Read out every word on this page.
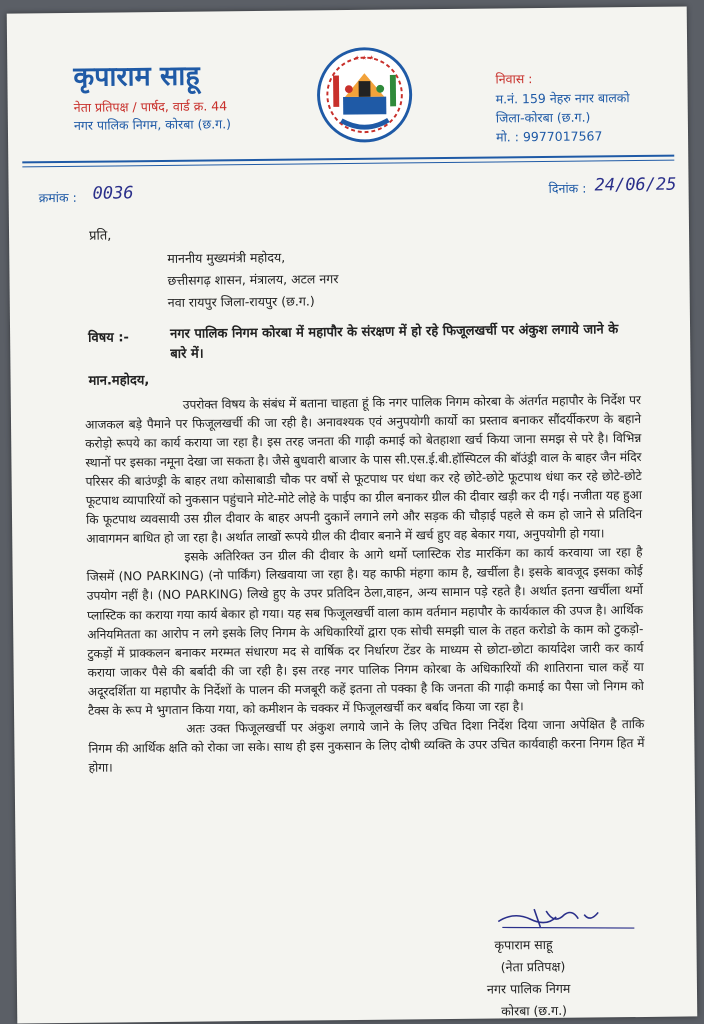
कृपाराम साहू
नेता प्रतिपक्ष / पार्षद, वार्ड क्र. 44
नगर पालिक निगम, कोरबा (छ.ग.)
★ ★ ★
निवास :
म.नं. 159 नेहरु नगर बालको
जिला-कोरबा (छ.ग.)
मो. : 9977017567
क्रमांक : 0036	दिनांक : 24/06/25
प्रति,
माननीय मुख्यमंत्री महोदय,
छत्तीसगढ़ शासन, मंत्रालय, अटल नगर
नवा रायपुर जिला-रायपुर (छ.ग.)
विषय :-	नगर पालिक निगम कोरबा में महापौर के संरक्षण में हो रहे फिजूलखर्ची पर अंकुश लगाये जाने के बारे में।
मान.महोदय,

उपरोक्त विषय के संबंध में बताना चाहता हूं कि नगर पालिक निगम कोरबा के अंतर्गत महापौर के निर्देश पर आजकल बड़े पैमाने पर फिजूलखर्ची की जा रही है। अनावश्यक एवं अनुपयोगी कार्यो का प्रस्ताव बनाकर सौंदर्यीकरण के बहाने करोड़ो रूपये का कार्य कराया जा रहा है। इस तरह जनता की गाढ़ी कमाई को बेतहाशा खर्च किया जाना समझ से परे है। विभिन्न स्थानों पर इसका नमूना देखा जा सकता है। जैसे बुधवारी बाजार के पास सी.एस.ई.बी.हॉस्पिटल की बॉउंड्री वाल के बाहर जैन मंदिर परिसर की बाउंण्ड्री के बाहर तथा कोसाबाडी चौक पर वर्षो से फूटपाथ पर धंधा कर रहे छोटे-छोटे फूटपाथ धंधा कर रहे छोटे-छोटे फूटपाथ व्यापारियों को नुकसान पहुंचाने मोटे-मोटे लोहे के पाईप का ग्रील बनाकर ग्रील की दीवार खड़ी कर दी गई। नजीता यह हुआ कि फूटपाथ व्यवसायी उस ग्रील दीवार के बाहर अपनी दुकानें लगाने लगे और सड़क की चौड़ाई पहले से कम हो जाने से प्रतिदिन आवागमन बाधित हो जा रहा है। अर्थात लाखों रूपये ग्रील की दीवार बनाने में खर्च हुए वह बेकार गया, अनुपयोगी हो गया।

इसके अतिरिक्त उन ग्रील की दीवार के आगे थर्मो प्लास्टिक रोड मारकिंग का कार्य करवाया जा रहा है जिसमें (NO PARKING) (नो पार्किंग) लिखवाया जा रहा है। यह काफी मंहगा काम है, खर्चीला है। इसके बावजूद इसका कोई उपयोग नहीं है। (NO PARKING) लिखे हुए के उपर प्रतिदिन ठेला,वाहन, अन्य सामान पड़े रहते है। अर्थात इतना खर्चीला थर्मो प्लास्टिक का कराया गया कार्य बेकार हो गया। यह सब फिजूलखर्ची वाला काम वर्तमान महापौर के कार्यकाल की उपज है। आर्थिक अनियमितता का आरोप न लगे इसके लिए निगम के अधिकारियों द्वारा एक सोची समझी चाल के तहत करोडो के काम को टुकड़ो-टुकड़ों में प्राक्कलन बनाकर मरम्मत संधारण मद से वार्षिक दर निर्धारण टेंडर के माध्यम से छोटा-छोटा कार्यादेश जारी कर कार्य कराया जाकर पैसे की बर्बादी की जा रही है। इस तरह नगर पालिक निगम कोरबा के अधिकारियों की शातिराना चाल कहें या अदूरदर्शिता या महापौर के निर्देशों के पालन की मजबूरी कहें इतना तो पक्का है कि जनता की गाढ़ी कमाई का पैसा जो निगम को टैक्स के रूप मे भुगतान किया गया, को कमीशन के चक्कर में फिजूलखर्ची कर बर्बाद किया जा रहा है।

अतः उक्त फिजूलखर्ची पर अंकुश लगाये जाने के लिए उचित दिशा निर्देश दिया जाना अपेक्षित है ताकि निगम की आर्थिक क्षति को रोका जा सके। साथ ही इस नुकसान के लिए दोषी व्यक्ति के उपर उचित कार्यवाही करना निगम हित में होगा।

कृपाराम साहू
(नेता प्रतिपक्ष)
नगर पालिक निगम
कोरबा (छ.ग.)
